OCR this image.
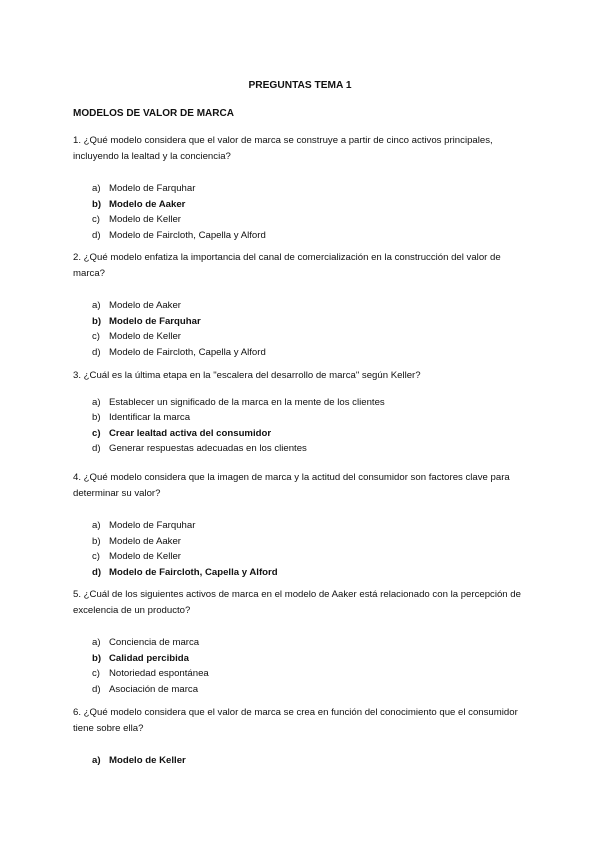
PREGUNTAS TEMA 1
MODELOS DE VALOR DE MARCA

1. ¿Qué modelo considera que el valor de marca se construye a partir de cinco activos principales, incluyendo la lealtad y la conciencia?

a) Modelo de Farquhar
b) Modelo de Aaker
c) Modelo de Keller
d) Modelo de Faircloth, Capella y Alford

2. ¿Qué modelo enfatiza la importancia del canal de comercialización en la construcción del valor de marca?

a) Modelo de Aaker
b) Modelo de Farquhar
c) Modelo de Keller
d) Modelo de Faircloth, Capella y Alford

3. ¿Cuál es la última etapa en la "escalera del desarrollo de marca" según Keller?

a) Establecer un significado de la marca en la mente de los clientes
b) Identificar la marca
c) Crear lealtad activa del consumidor
d) Generar respuestas adecuadas en los clientes

4. ¿Qué modelo considera que la imagen de marca y la actitud del consumidor son factores clave para determinar su valor?

a) Modelo de Farquhar
b) Modelo de Aaker
c) Modelo de Keller
d) Modelo de Faircloth, Capella y Alford

5. ¿Cuál de los siguientes activos de marca en el modelo de Aaker está relacionado con la percepción de excelencia de un producto?

a) Conciencia de marca
b) Calidad percibida
c) Notoriedad espontánea
d) Asociación de marca

6. ¿Qué modelo considera que el valor de marca se crea en función del conocimiento que el consumidor tiene sobre ella?

a) Modelo de Keller
